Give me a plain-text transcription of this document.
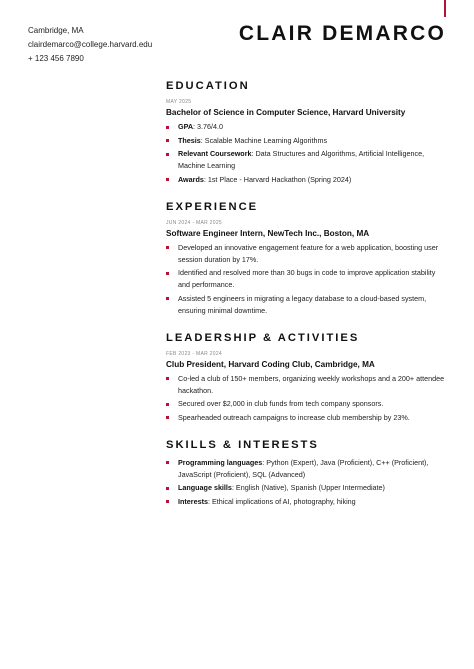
Cambridge, MA
clairdemarco@college.harvard.edu
+ 123 456 7890
CLAIR DEMARCO
EDUCATION
MAY 2025
Bachelor of Science in Computer Science, Harvard University
GPA: 3.76/4.0
Thesis: Scalable Machine Learning Algorithms
Relevant Coursework: Data Structures and Algorithms, Artificial Intelligence, Machine Learning
Awards: 1st Place - Harvard Hackathon (Spring 2024)
EXPERIENCE
JUN 2024 - MAR 2025
Software Engineer Intern, NewTech Inc., Boston, MA
Developed an innovative engagement feature for a web application, boosting user session duration by 17%.
Identified and resolved more than 30 bugs in code to improve application stability and performance.
Assisted 5 engineers in migrating a legacy database to a cloud-based system, ensuring minimal downtime.
LEADERSHIP & ACTIVITIES
FEB 2023 - MAR 2024
Club President, Harvard Coding Club, Cambridge, MA
Co-led a club of 150+ members, organizing weekly workshops and a 200+ attendee hackathon.
Secured over $2,000 in club funds from tech company sponsors.
Spearheaded outreach campaigns to increase club membership by 23%.
SKILLS & INTERESTS
Programming languages: Python (Expert), Java (Proficient), C++ (Proficient), JavaScript (Proficient), SQL (Advanced)
Language skills: English (Native), Spanish (Upper Intermediate)
Interests: Ethical implications of AI, photography, hiking
